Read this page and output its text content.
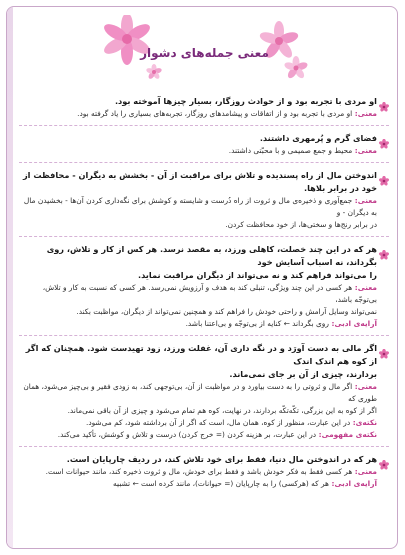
معنی جمله‌های دشوار
او مردی با تجربه بود و از حوادث روزگار، بسیار چیزها آموخته بود.
معنی: او مردی با تجربه بود و از اتفاقات و پیشامدهای روزگار، تجربه‌های بسیاری را یاد گرفته بود.
فضای گرم و پُرمهری داشتند.
معنی: محیط و جمع صمیمی و با محبّتی داشتند.
اندوختن مال از راه پسندیده و تلاش برای مراقبت از آن - بخشش به دیگران - محافظت از خود در برابر بلاها.
معنی: جمع‌آوری و ذخیره‌ی مال و ثروت از راه دُرست و شایسته و کوشش برای نگه‌داری کردن آن‌ها - بخشیدن مال به دیگران - و
در برابر رنج‌ها و سختی‌ها، از خود محافظت کردن.
هر که در این چند خصلت، کاهلی ورزد، به مقصد نرسد. هر کس از کار و تلاش، روی بگرداند، نه اسباب آسایش خود
را می‌تواند فراهم کند و نه می‌تواند از دیگران مراقبت نماید.
معنی: هر کسی در این چند ویژگی، تنبلی کند به هدف و آرزویش نمی‌رسد. هر کسی که نسبت به کار و تلاش، بی‌توجّه باشد،
نمی‌تواند وسایل آرامش و راحتی خودش را فراهم کند و همچنین نمی‌تواند از دیگران، مواظبت بکند.
آرایه‌ی ادبی: روی بگرداند ← کنایه از بی‌توجّه و بی‌اعتنا باشد.
اگر مالی به دست آورَد و در نگه داری آن، غفلت ورزد، زود تهیدست شود. همچنان که اگر از کوه هم اندک اندک
بردارند، چیزی از آن بر جای نمی‌ماند.
معنی: اگر مال و ثروتی را به دست بیاورد و در مواظبت از آن، بی‌توجهی کند، به زودی فقیر و بی‌چیز می‌شود، همان طوری که
اگر از کوه به این بزرگی، تکّه‌تکّه بردارند، در نهایت، کوه هم تمام می‌شود و چیزی از آن باقی نمی‌ماند.
نکته‌ی: در این عبارت، منظور از کوه، همان مال، است که اگر از آن برداشته شود، کم می‌شود.
نکته‌ی مفهومی: در این عبارت، بر هزینه کردن (= خرج کردن) درست و تلاش و کوشش، تأکید می‌کند.
هر که در اندوختن مال دنیا، فقط برای خود تلاش کند، در ردیف چارپایان است.
معنی: هر کسی فقط به فکر خودش باشد و فقط برای خودش، مال و ثروت ذخیره کند، مانند حیوانات است.
آرایه‌ی ادبی: هر که (هرکسی) را به چارپایان (= حیوانات)، مانند کرده است ← تشبیه
